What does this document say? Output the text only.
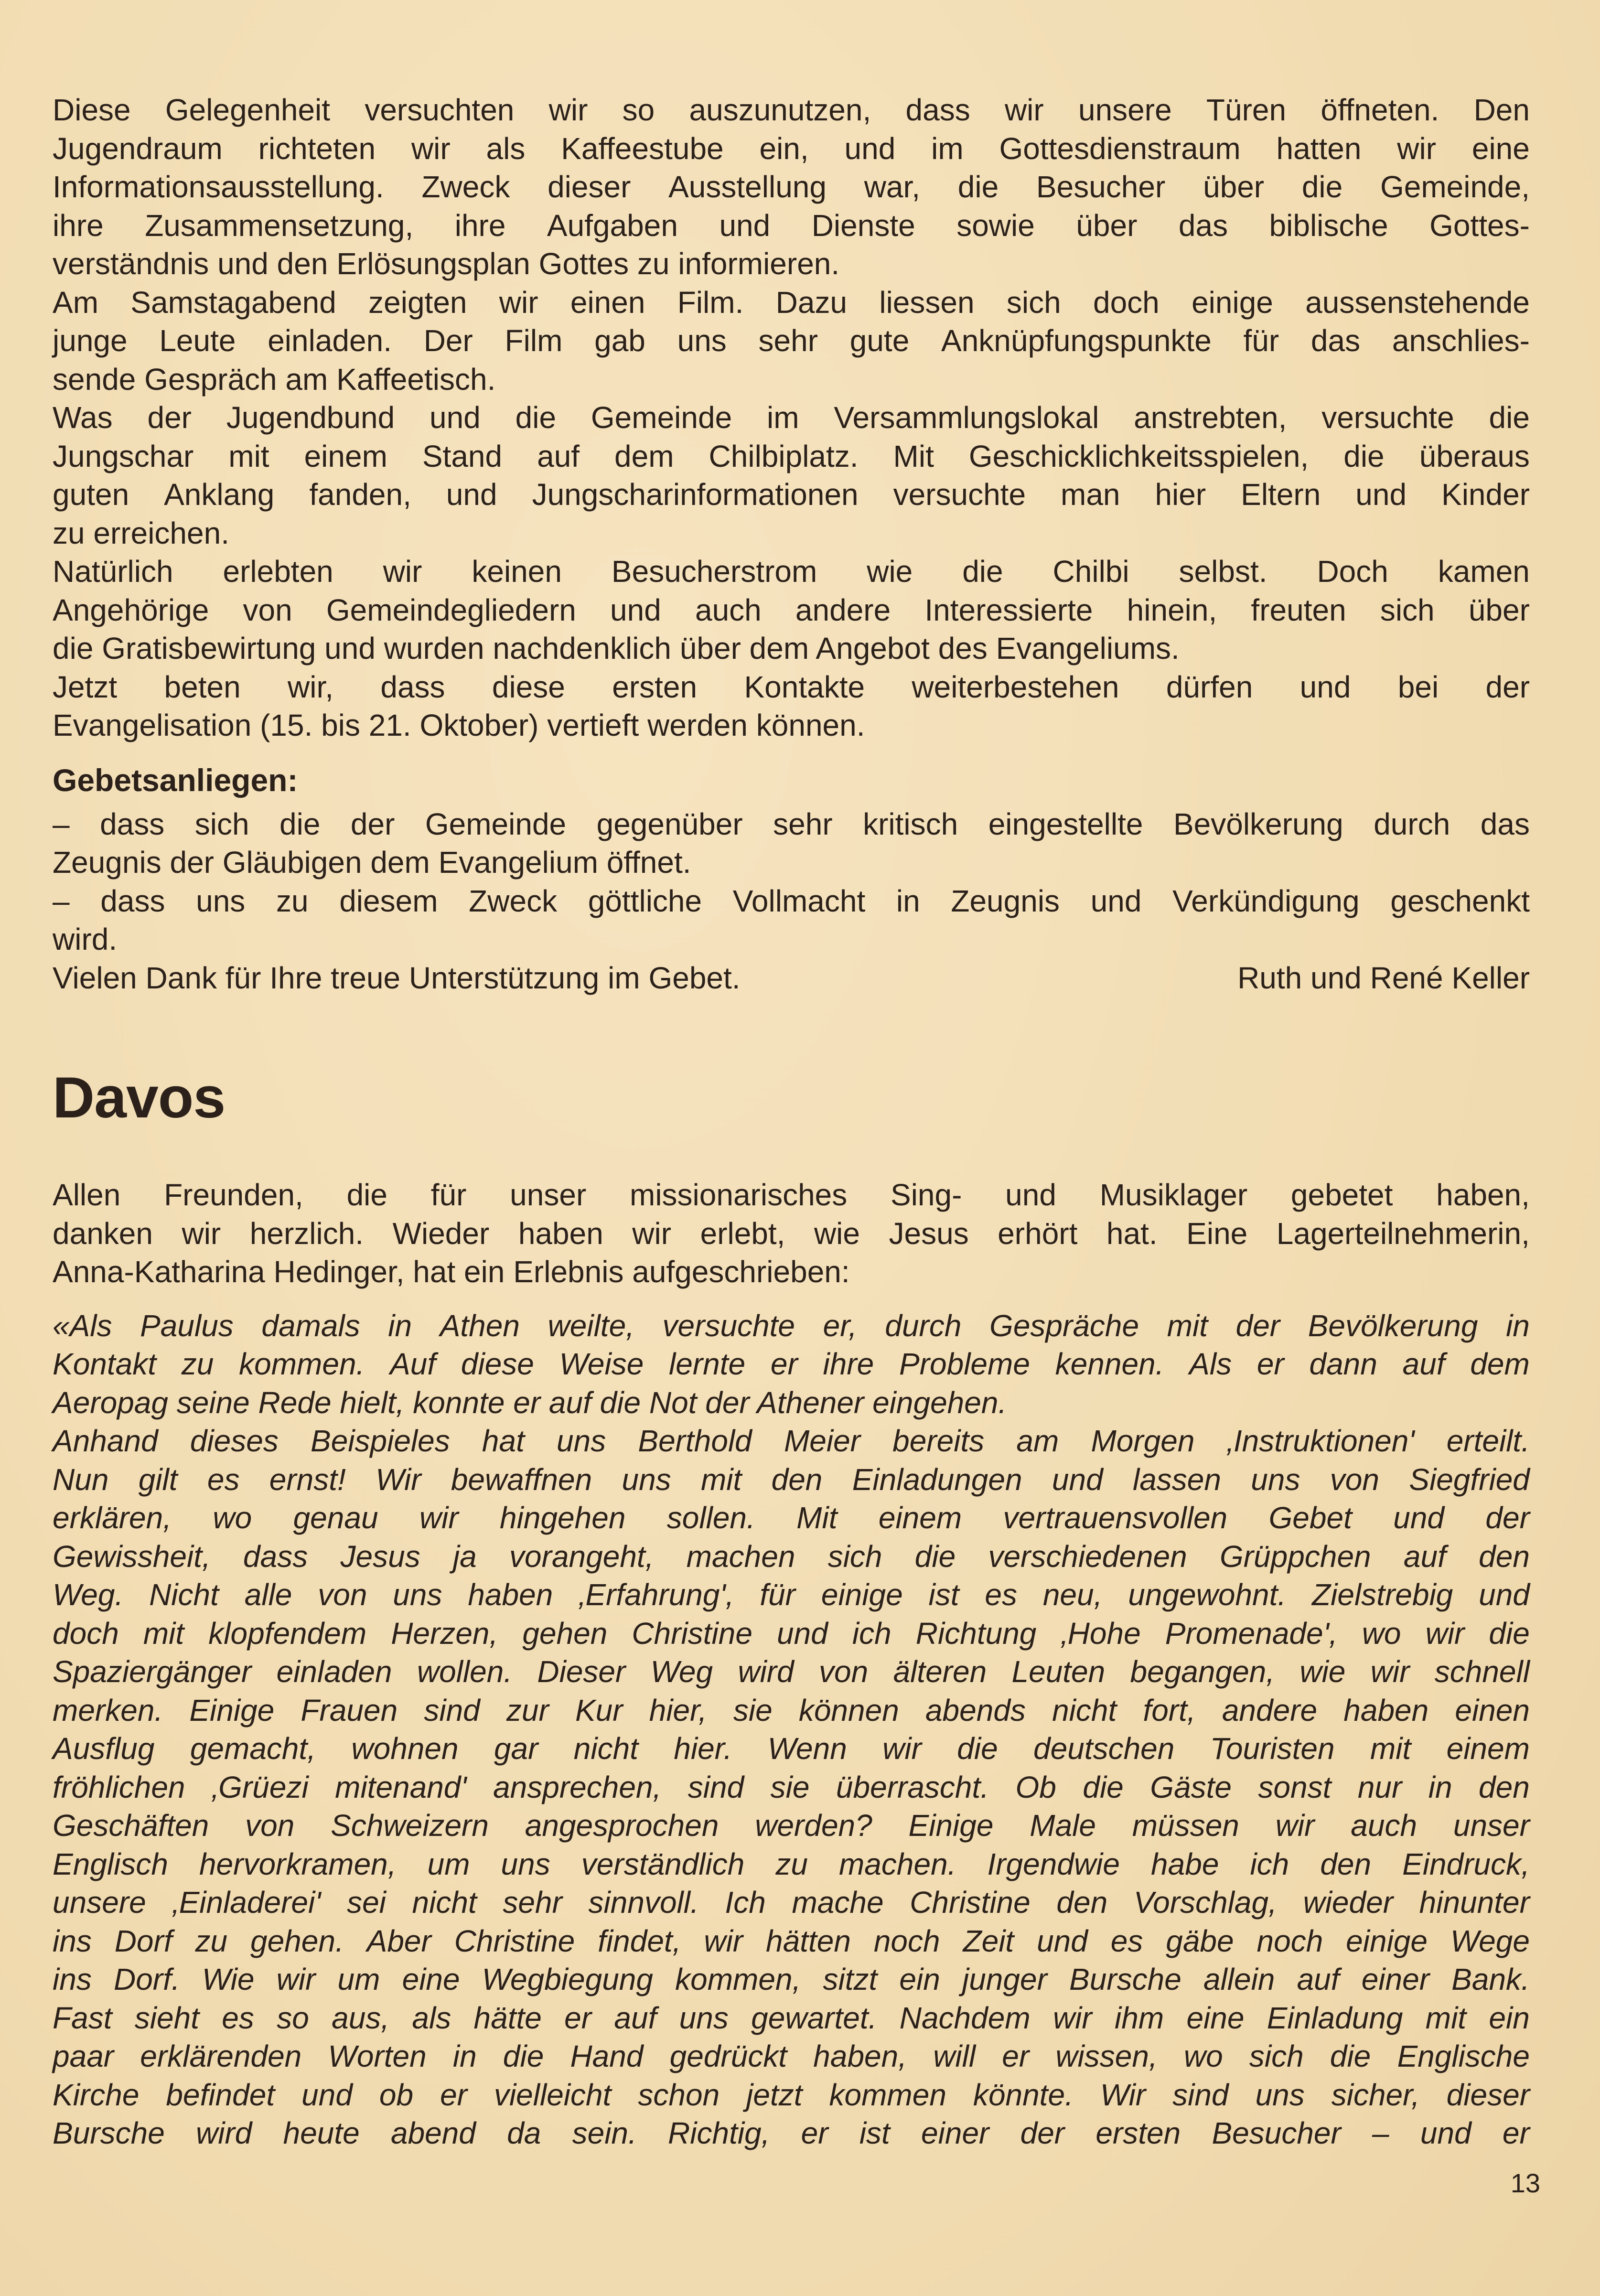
Diese Gelegenheit versuchten wir so auszunutzen, dass wir unsere Türen öffneten. Den

Jugendraum richteten wir als Kaffeestube ein, und im Gottesdienstraum hatten wir eine

Informationsausstellung. Zweck dieser Ausstellung war, die Besucher über die Gemeinde,

ihre Zusammensetzung, ihre Aufgaben und Dienste sowie über das biblische Gottes-

verständnis und den Erlösungsplan Gottes zu informieren.

Am Samstagabend zeigten wir einen Film. Dazu liessen sich doch einige aussenstehende

junge Leute einladen. Der Film gab uns sehr gute Anknüpfungspunkte für das anschlies-

sende Gespräch am Kaffeetisch.

Was der Jugendbund und die Gemeinde im Versammlungslokal anstrebten, versuchte die

Jungschar mit einem Stand auf dem Chilbiplatz. Mit Geschicklichkeitsspielen, die überaus

guten Anklang fanden, und Jungscharinformationen versuchte man hier Eltern und Kinder

zu erreichen.

Natürlich erlebten wir keinen Besucherstrom wie die Chilbi selbst. Doch kamen

Angehörige von Gemeindegliedern und auch andere Interessierte hinein, freuten sich über

die Gratisbewirtung und wurden nachdenklich über dem Angebot des Evangeliums.

Jetzt beten wir, dass diese ersten Kontakte weiterbestehen dürfen und bei der

Evangelisation (15. bis 21. Oktober) vertieft werden können.

Gebetsanliegen:

– dass sich die der Gemeinde gegenüber sehr kritisch eingestellte Bevölkerung durch das

Zeugnis der Gläubigen dem Evangelium öffnet.

– dass uns zu diesem Zweck göttliche Vollmacht in Zeugnis und Verkündigung geschenkt

wird.

Vielen Dank für Ihre treue Unterstützung im Gebet.	Ruth und René Keller
Davos

Allen Freunden, die für unser missionarisches Sing- und Musiklager gebetet haben,

danken wir herzlich. Wieder haben wir erlebt, wie Jesus erhört hat. Eine Lagerteilnehmerin,

Anna-Katharina Hedinger, hat ein Erlebnis aufgeschrieben:

«Als Paulus damals in Athen weilte, versuchte er, durch Gespräche mit der Bevölkerung in

Kontakt zu kommen. Auf diese Weise lernte er ihre Probleme kennen. Als er dann auf dem

Aeropag seine Rede hielt, konnte er auf die Not der Athener eingehen.

Anhand dieses Beispieles hat uns Berthold Meier bereits am Morgen ‚Instruktionen' erteilt.

Nun gilt es ernst! Wir bewaffnen uns mit den Einladungen und lassen uns von Siegfried

erklären, wo genau wir hingehen sollen. Mit einem vertrauensvollen Gebet und der

Gewissheit, dass Jesus ja vorangeht, machen sich die verschiedenen Grüppchen auf den

Weg. Nicht alle von uns haben ‚Erfahrung', für einige ist es neu, ungewohnt. Zielstrebig und

doch mit klopfendem Herzen, gehen Christine und ich Richtung ‚Hohe Promenade', wo wir die

Spaziergänger einladen wollen. Dieser Weg wird von älteren Leuten begangen, wie wir schnell

merken. Einige Frauen sind zur Kur hier, sie können abends nicht fort, andere haben einen

Ausflug gemacht, wohnen gar nicht hier. Wenn wir die deutschen Touristen mit einem

fröhlichen ‚Grüezi mitenand' ansprechen, sind sie überrascht. Ob die Gäste sonst nur in den

Geschäften von Schweizern angesprochen werden? Einige Male müssen wir auch unser

Englisch hervorkramen, um uns verständlich zu machen. Irgendwie habe ich den Eindruck,

unsere ‚Einladerei' sei nicht sehr sinnvoll. Ich mache Christine den Vorschlag, wieder hinunter

ins Dorf zu gehen. Aber Christine findet, wir hätten noch Zeit und es gäbe noch einige Wege

ins Dorf. Wie wir um eine Wegbiegung kommen, sitzt ein junger Bursche allein auf einer Bank.

Fast sieht es so aus, als hätte er auf uns gewartet. Nachdem wir ihm eine Einladung mit ein

paar erklärenden Worten in die Hand gedrückt haben, will er wissen, wo sich die Englische

Kirche befindet und ob er vielleicht schon jetzt kommen könnte. Wir sind uns sicher, dieser

Bursche wird heute abend da sein. Richtig, er ist einer der ersten Besucher – und er

13
